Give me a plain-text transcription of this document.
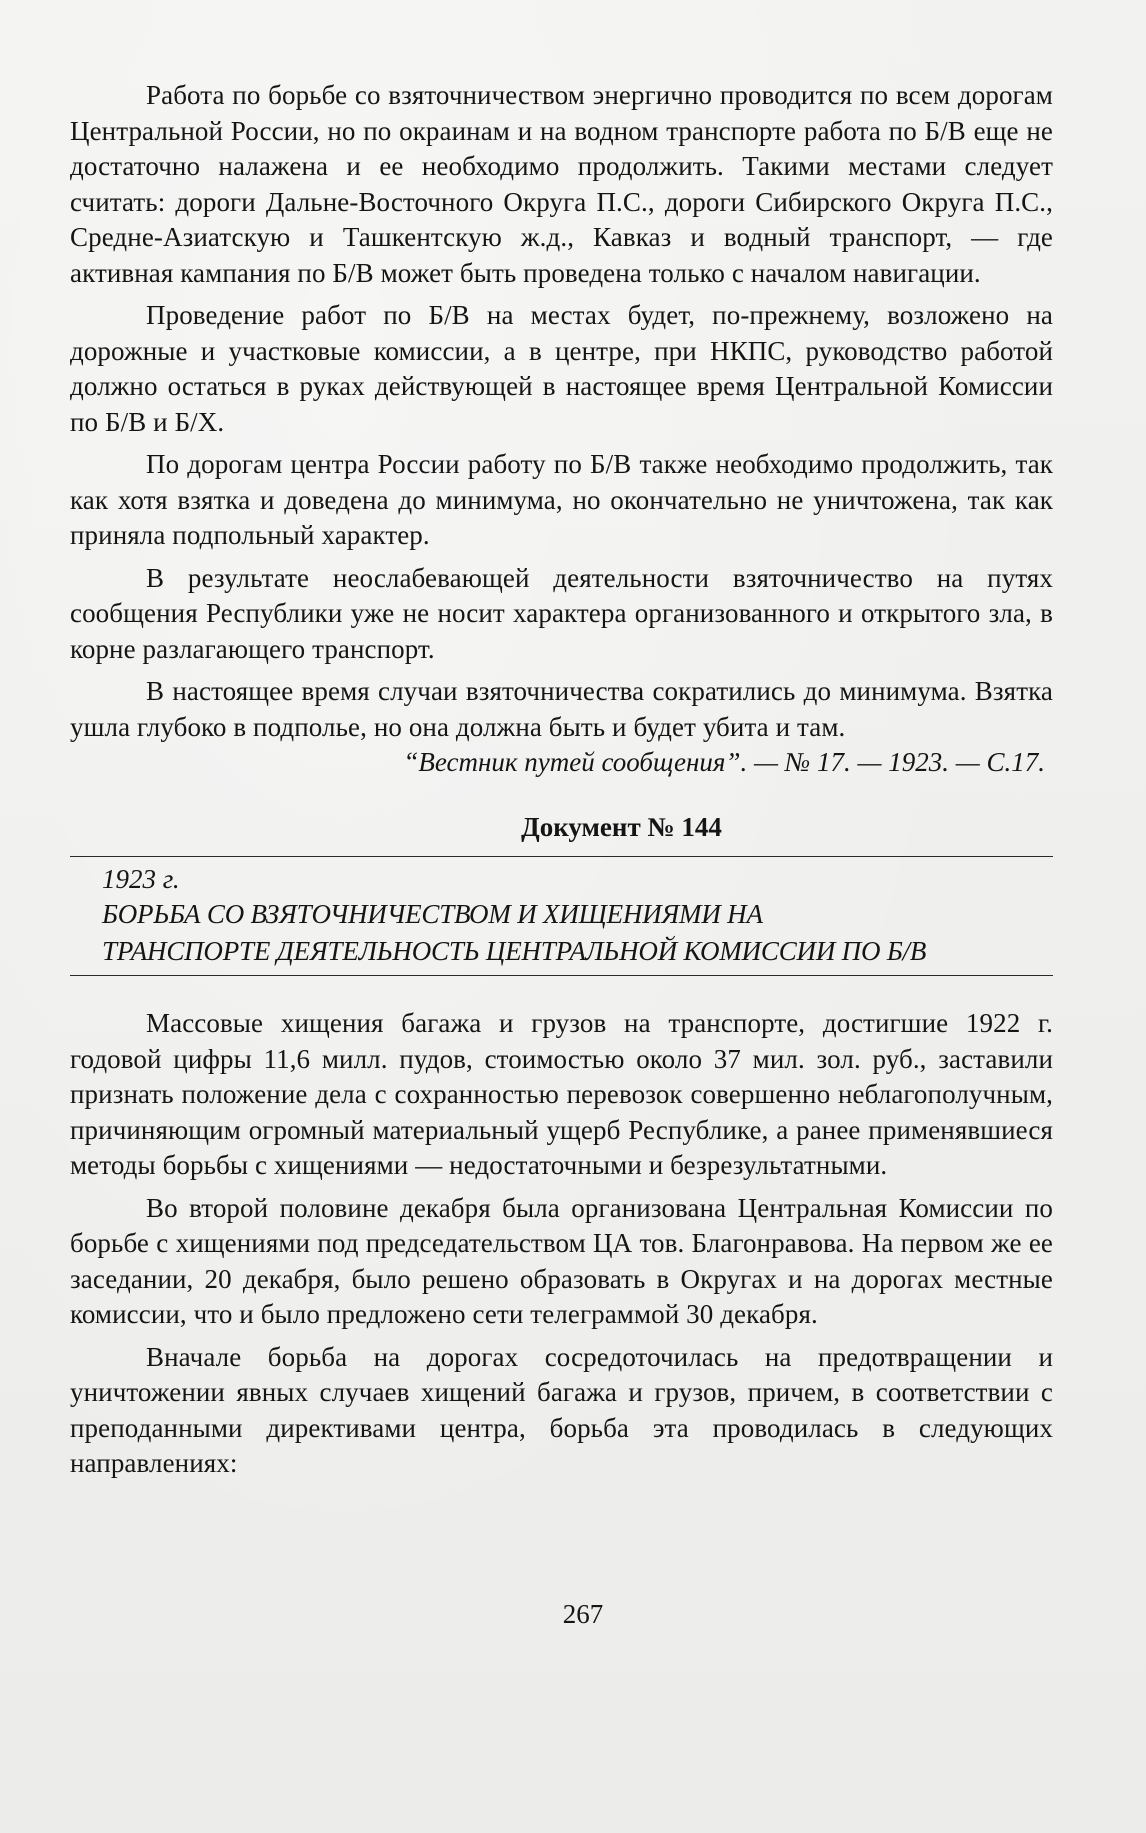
Работа по борьбе со взяточничеством энергично проводится по всем дорогам Центральной России, но по окраинам и на водном транспорте работа по Б/В еще не достаточно налажена и ее необходимо продолжить. Такими местами следует считать: дороги Дальне-Восточного Округа П.С., дороги Сибирского Округа П.С., Средне-Азиатскую и Ташкентскую ж.д., Кавказ и водный транспорт, — где активная кампания по Б/В может быть проведена только с началом навигации.

Проведение работ по Б/В на местах будет, по-прежнему, возложено на дорожные и участковые комиссии, а в центре, при НКПС, руководство работой должно остаться в руках действующей в настоящее время Центральной Комиссии по Б/В и Б/Х.

По дорогам центра России работу по Б/В также необходимо продолжить, так как хотя взятка и доведена до минимума, но окончательно не уничтожена, так как приняла подпольный характер.

В результате неослабевающей деятельности взяточничество на путях сообщения Республики уже не носит характера организованного и открытого зла, в корне разлагающего транспорт.

В настоящее время случаи взяточничества сократились до минимума. Взятка ушла глубоко в подполье, но она должна быть и будет убита и там.

“Вестник путей сообщения”. — № 17. — 1923. — С.17.

Документ № 144
1923 г.
БОРЬБА СО ВЗЯТОЧНИЧЕСТВОМ И ХИЩЕНИЯМИ НА
ТРАНСПОРТЕ ДЕЯТЕЛЬНОСТЬ ЦЕНТРАЛЬНОЙ КОМИССИИ ПО Б/В

Массовые хищения багажа и грузов на транспорте, достигшие 1922 г. годовой цифры 11,6 милл. пудов, стоимостью около 37 мил. зол. руб., заставили признать положение дела с сохранностью перевозок совершенно неблагополучным, причиняющим огромный материальный ущерб Республике, а ранее применявшиеся методы борьбы с хищениями — недостаточными и безрезультатными.

Во второй половине декабря была организована Центральная Комиссии по борьбе с хищениями под председательством ЦА тов. Благонравова. На первом же ее заседании, 20 декабря, было решено образовать в Округах и на дорогах местные комиссии, что и было предложено сети телеграммой 30 декабря.

Вначале борьба на дорогах сосредоточилась на предотвращении и уничтожении явных случаев хищений багажа и грузов, причем, в соответствии с преподанными директивами центра, борьба эта проводилась в следующих направлениях:

267
